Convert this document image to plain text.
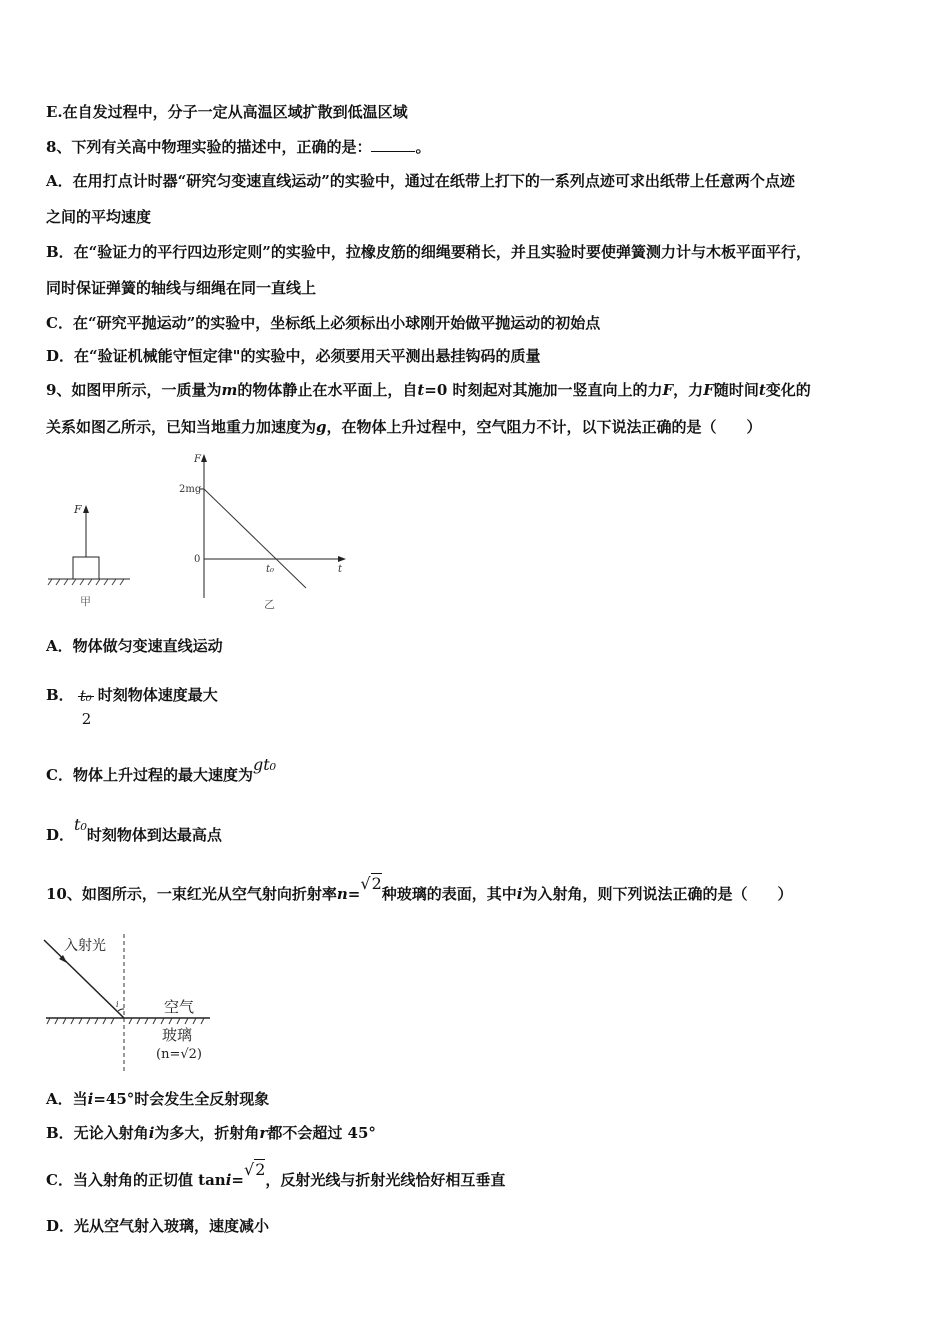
E.在自发过程中，分子一定从高温区域扩散到低温区域
8、下列有关高中物理实验的描述中，正确的是：	。
A．在用打点计时器“研究匀变速直线运动”的实验中，通过在纸带上打下的一系列点迹可求出纸带上任意两个点迹
之间的平均速度
B．在“验证力的平行四边形定则”的实验中，拉橡皮筋的细绳要稍长，并且实验时要使弹簧测力计与木板平面平行，
同时保证弹簧的轴线与细绳在同一直线上
C．在“研究平抛运动”的实验中，坐标纸上必须标出小球刚开始做平抛运动的初始点
D．在“验证机械能守恒定律"的实验中，必须要用天平测出悬挂钩码的质量
9、如图甲所示，一质量为m的物体静止在水平面上，自t=0 时刻起对其施加一竖直向上的力F，力F随时间t变化的
关系如图乙所示，已知当地重力加速度为g，在物体上升过程中，空气阻力不计，以下说法正确的是（　　）
F
甲
F
t
2mg
0
t₀
乙
A．物体做匀变速直线运动
B． t₀
2
时刻物体速度最大
C．物体上升过程的最大速度为gt₀
D．t₀时刻物体到达最高点
10、如图所示，一束红光从空气射向折射率n=√2种玻璃的表面，其中i为入射角，则下列说法正确的是（　　）
入射光
i	空气
玻璃
(n=√2)
A．当i=45°时会发生全反射现象
B．无论入射角i为多大，折射角r都不会超过 45°
C．当入射角的正切值 tani=√2，反射光线与折射光线恰好相互垂直
D．光从空气射入玻璃，速度减小
